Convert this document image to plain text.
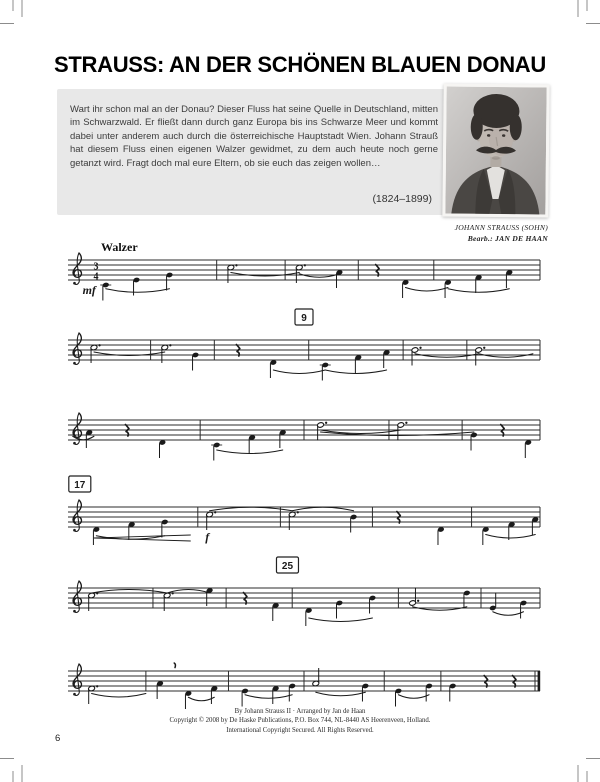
STRAUSS: AN DER SCHÖNEN BLAUEN DONAU
Wart ihr schon mal an der Donau? Dieser Fluss hat seine Quelle in Deutschland, mitten im Schwarzwald. Er fließt dann durch ganz Europa bis ins Schwarze Meer und kommt dabei unter anderem auch durch die österreichische Hauptstadt Wien. Johann Strauß hat diesem Fluss einen eigenen Walzer gewidmet, zu dem auch heute noch gerne getanzt wird. Fragt doch mal eure Eltern, ob sie euch das zeigen wollen…
(1824–1899)
JOHANN STRAUSS (SOHN)
Bearb.: JAN DE HAAN
Walzer
3
4
9
17
25
mf
f
By Johann Strauss II · Arranged by Jan de Haan
Copyright © 2008 by De Haske Publications, P.O. Box 744, NL-8440 AS Heerenveen, Holland.
International Copyright Secured. All Rights Reserved.
6
